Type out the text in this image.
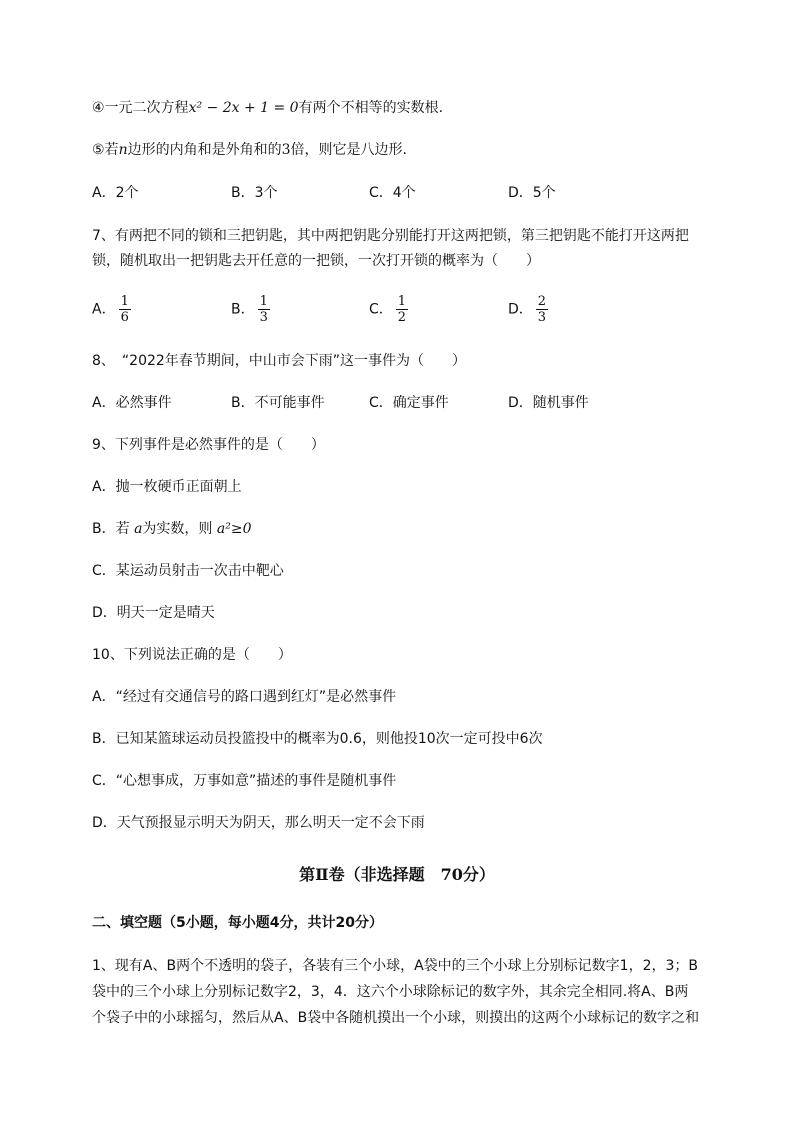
④一元二次方程x² − 2x + 1 = 0有两个不相等的实数根.
⑤若n边形的内角和是外角和的3倍，则它是八边形.
A．2个	B．3个	C．4个	D．5个
7、有两把不同的锁和三把钥匙，其中两把钥匙分别能打开这两把锁，第三把钥匙不能打开这两把
锁，随机取出一把钥匙去开任意的一把锁，一次打开锁的概率为（　　）
A． $\frac{1}{6}$	B． $\frac{1}{3}$	C． $\frac{1}{2}$	D． $\frac{2}{3}$
8、　“2022年春节期间，中山市会下雨”这一事件为（　　）
A．必然事件	B．不可能事件	C．确定事件	D．随机事件
9、下列事件是必然事件的是（　　）
A．抛一枚硬币正面朝上
B．若 a为实数，则 a²≥0
C．某运动员射击一次击中靶心
D．明天一定是晴天
10、下列说法正确的是（　　）
A．“经过有交通信号的路口遇到红灯”是必然事件
B．已知某篮球运动员投篮投中的概率为0.6，则他投10次一定可投中6次
C．“心想事成，万事如意”描述的事件是随机事件
D．天气预报显示明天为阴天，那么明天一定不会下雨
第Ⅱ卷（非选择题　70分）
二、填空题（5小题，每小题4分，共计20分）
1、现有A、B两个不透明的袋子，各装有三个小球，A袋中的三个小球上分别标记数字1，2，3；B
袋中的三个小球上分别标记数字2，3，4．这六个小球除标记的数字外，其余完全相同.将A、B两
个袋子中的小球摇匀，然后从A、B袋中各随机摸出一个小球，则摸出的这两个小球标记的数字之和
